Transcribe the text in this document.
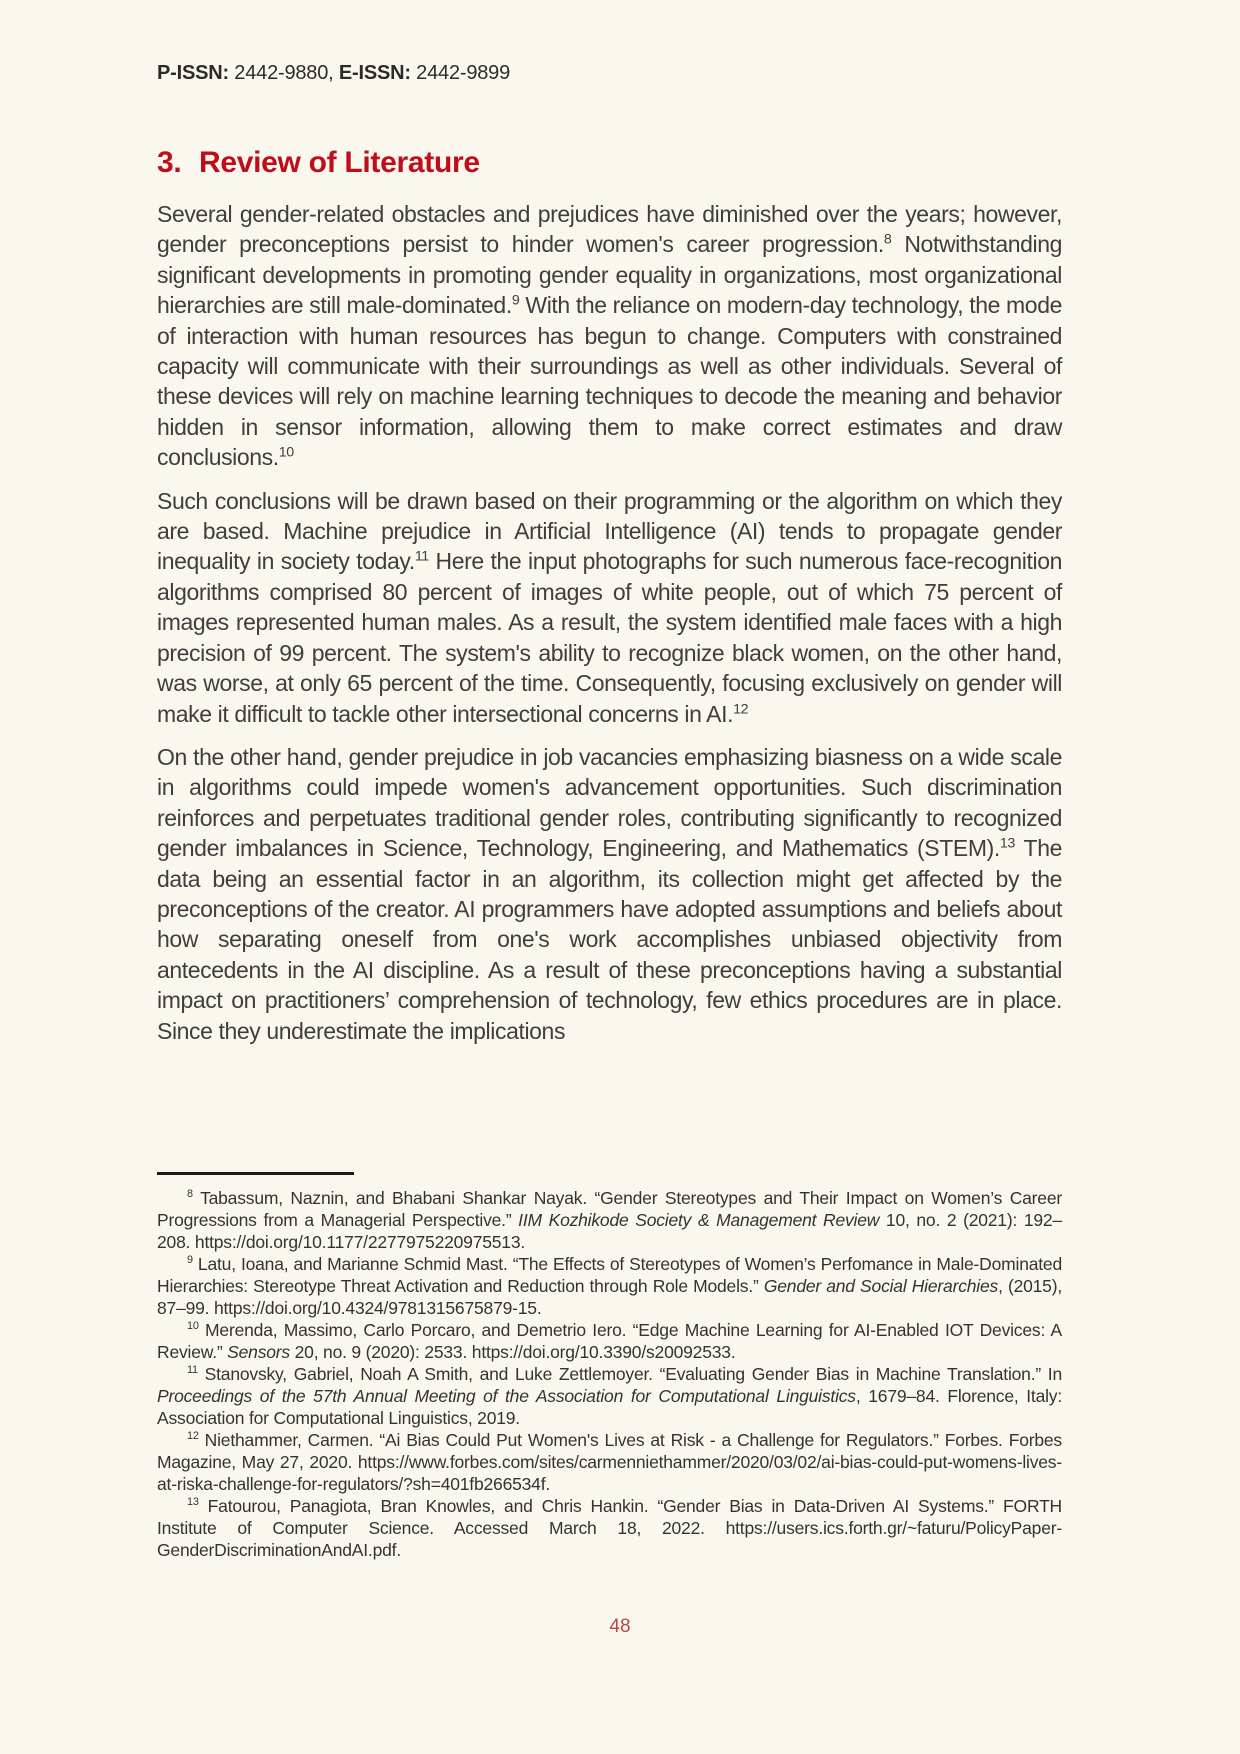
P-ISSN: 2442-9880, E-ISSN: 2442-9899
3. Review of Literature

Several gender-related obstacles and prejudices have diminished over the years; however, gender preconceptions persist to hinder women's career progression.$^8$ Notwithstanding significant developments in promoting gender equality in organizations, most organizational hierarchies are still male-dominated.$^9$ With the reliance on modern-day technology, the mode of interaction with human resources has begun to change. Computers with constrained capacity will communicate with their surroundings as well as other individuals. Several of these devices will rely on machine learning techniques to decode the meaning and behavior hidden in sensor information, allowing them to make correct estimates and draw conclusions.$^{10}$

Such conclusions will be drawn based on their programming or the algorithm on which they are based. Machine prejudice in Artificial Intelligence (AI) tends to propagate gender inequality in society today.$^{11}$ Here the input photographs for such numerous face-recognition algorithms comprised 80 percent of images of white people, out of which 75 percent of images represented human males. As a result, the system identified male faces with a high precision of 99 percent. The system's ability to recognize black women, on the other hand, was worse, at only 65 percent of the time. Consequently, focusing exclusively on gender will make it difficult to tackle other intersectional concerns in AI.$^{12}$

On the other hand, gender prejudice in job vacancies emphasizing biasness on a wide scale in algorithms could impede women's advancement opportunities. Such discrimination reinforces and perpetuates traditional gender roles, contributing significantly to recognized gender imbalances in Science, Technology, Engineering, and Mathematics (STEM).$^{13}$ The data being an essential factor in an algorithm, its collection might get affected by the preconceptions of the creator. AI programmers have adopted assumptions and beliefs about how separating oneself from one's work accomplishes unbiased objectivity from antecedents in the AI discipline. As a result of these preconceptions having a substantial impact on practitioners’ comprehension of technology, few ethics procedures are in place. Since they underestimate the implications

$^8$ Tabassum, Naznin, and Bhabani Shankar Nayak. “Gender Stereotypes and Their Impact on Women’s Career Progressions from a Managerial Perspective.” IIM Kozhikode Society & Management Review 10, no. 2 (2021): 192–208. https://doi.org/10.1177/2277975220975513.

$^9$ Latu, Ioana, and Marianne Schmid Mast. “The Effects of Stereotypes of Women’s Perfomance in Male-Dominated Hierarchies: Stereotype Threat Activation and Reduction through Role Models.” Gender and Social Hierarchies, (2015), 87–99. https://doi.org/10.4324/9781315675879-15.

$^{10}$ Merenda, Massimo, Carlo Porcaro, and Demetrio Iero. “Edge Machine Learning for AI-Enabled IOT Devices: A Review.” Sensors 20, no. 9 (2020): 2533. https://doi.org/10.3390/s20092533.

$^{11}$ Stanovsky, Gabriel, Noah A Smith, and Luke Zettlemoyer. “Evaluating Gender Bias in Machine Translation.” In Proceedings of the 57th Annual Meeting of the Association for Computational Linguistics, 1679–84. Florence, Italy: Association for Computational Linguistics, 2019.

$^{12}$ Niethammer, Carmen. “Ai Bias Could Put Women's Lives at Risk - a Challenge for Regulators.” Forbes. Forbes Magazine, May 27, 2020. https://www.forbes.com/sites/carmenniethammer/2020/03/02/ai-bias-could-put-womens-lives-at-riska-challenge-for-regulators/?sh=401fb266534f.

$^{13}$ Fatourou, Panagiota, Bran Knowles, and Chris Hankin. “Gender Bias in Data-Driven AI Systems.” FORTH Institute of Computer Science. Accessed March 18, 2022. https://users.ics.forth.gr/~faturu/PolicyPaper-GenderDiscriminationAndAI.pdf.

48
